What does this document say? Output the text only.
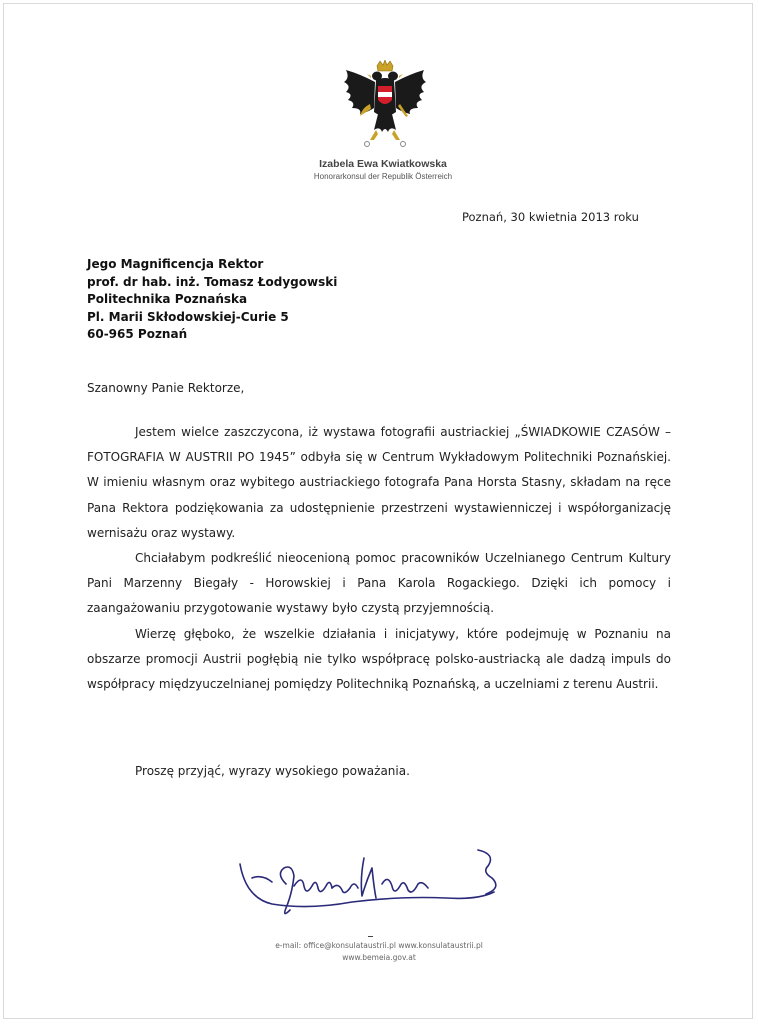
Izabela Ewa Kwiatkowska
Honorarkonsul der Republik Österreich
Poznań, 30 kwietnia 2013 roku
Jego Magnificencja Rektor
prof. dr hab. inż. Tomasz Łodygowski
Politechnika Poznańska
Pl. Marii Skłodowskiej-Curie 5
60-965 Poznań
Szanowny Panie Rektorze,

Jestem wielce zaszczycona, iż wystawa fotografii austriackiej „ŚWIADKOWIE CZASÓW – FOTOGRAFIA W AUSTRII PO 1945” odbyła się w Centrum Wykładowym Politechniki Poznańskiej. W imieniu własnym oraz wybitego austriackiego fotografa Pana Horsta Stasny, składam na ręce Pana Rektora podziękowania za udostępnienie przestrzeni wystawienniczej i współorganizację wernisażu oraz wystawy.

Chciałabym podkreślić nieocenioną pomoc pracowników Uczelnianego Centrum Kultury Pani Marzenny Biegały - Horowskiej i Pana Karola Rogackiego. Dzięki ich pomocy i zaangażowaniu przygotowanie wystawy było czystą przyjemnością.

Wierzę głęboko, że wszelkie działania i inicjatywy, które podejmuję w Poznaniu na obszarze promocji Austrii pogłębią nie tylko współpracę polsko-austriacką ale dadzą impuls do współpracy międzyuczelnianej pomiędzy Politechniką Poznańską, a uczelniami z terenu Austrii.

Proszę przyjąć, wyrazy wysokiego poważania.
e-mail: office@konsulataustrii.pl www.konsulataustrii.pl
www.bemeia.gov.at
